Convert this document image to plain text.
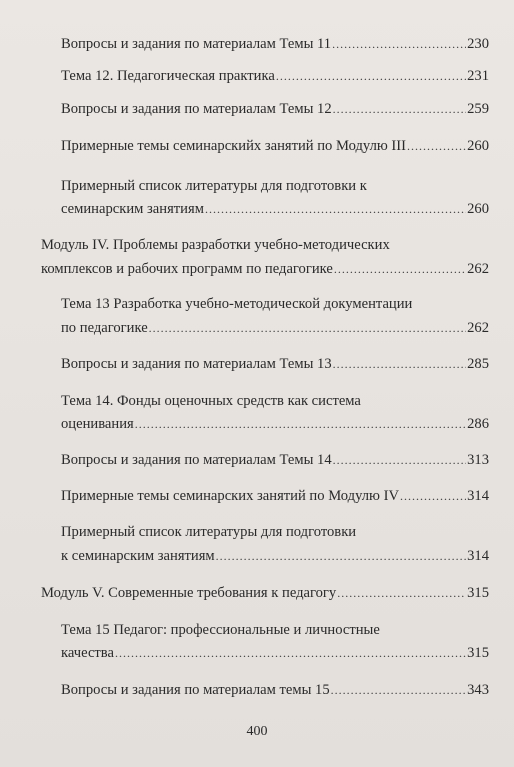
Вопросы и задания по материалам Темы 11 .....	230
Тема 12. Педагогическая практика .....	231
Вопросы и задания по материалам Темы 12 .....	259
Примерные темы семинарскийх занятий по Модулю III .....	260
Примерный список литературы для подготовки к
семинарским занятиям .....	260
Модуль IV. Проблемы разработки учебно-методических
комплексов и рабочих программ по педагогике .....	262
Тема 13 Разработка учебно-методической документации
по педагогике .....	262
Вопросы и задания по материалам Темы 13 .....	285
Тема 14. Фонды оценочных средств как система
оценивания .....	286
Вопросы и задания по материалам Темы 14 .....	313
Примерные темы семинарских занятий по Модулю IV .....	314
Примерный список литературы для подготовки
к семинарским занятиям .....	314
Модуль V. Современные требования к педагогу .....	315
Тема 15 Педагог: профессиональные и личностные
качества .....	315
Вопросы и задания по материалам темы 15 .....	343
400
